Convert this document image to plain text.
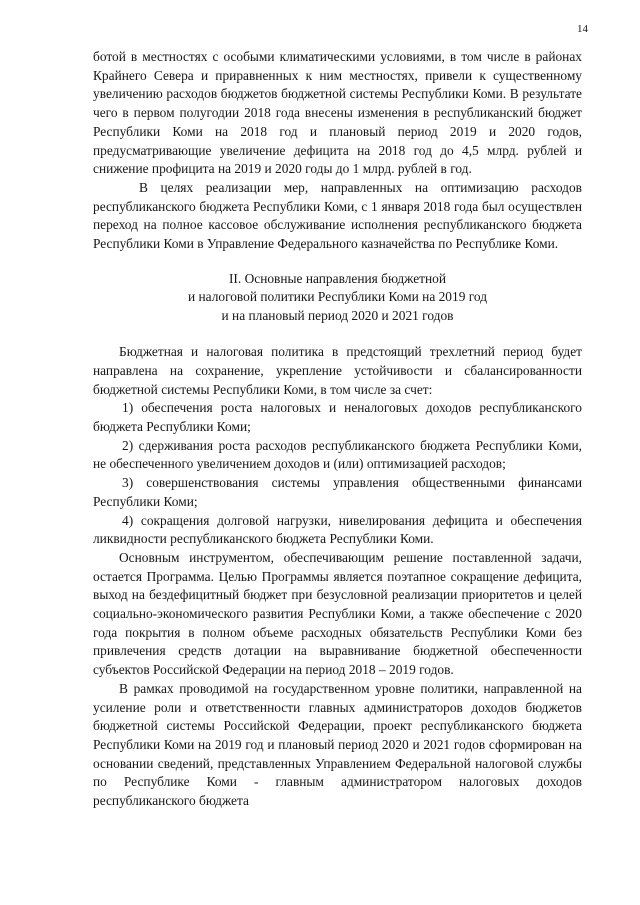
14

ботой в местностях с особыми климатическими условиями, в том числе в районах Крайнего Севера и приравненных к ним местностях, привели к существенному увеличению расходов бюджетов бюджетной системы Республики Коми. В результате чего в первом полугодии 2018 года внесены изменения в республиканский бюджет Республики Коми на 2018 год и плановый период 2019 и 2020 годов, предусматривающие увеличение дефицита на 2018 год до 4,5 млрд. рублей и снижение профицита на 2019 и 2020 годы до 1 млрд. рублей в год.

В целях реализации мер, направленных на оптимизацию расходов республиканского бюджета Республики Коми, с 1 января 2018 года был осуществлен переход на полное кассовое обслуживание исполнения республиканского бюджета Республики Коми в Управление Федерального казначейства по Республике Коми.

II. Основные направления бюджетной
и налоговой политики Республики Коми на 2019 год
и на плановый период 2020 и 2021 годов

Бюджетная и налоговая политика в предстоящий трехлетний период будет направлена на сохранение, укрепление устойчивости и сбалансированности бюджетной системы Республики Коми, в том числе за счет:

1) обеспечения роста налоговых и неналоговых доходов республиканского бюджета Республики Коми;

2) сдерживания роста расходов республиканского бюджета Республики Коми, не обеспеченного увеличением доходов и (или) оптимизацией расходов;

3) совершенствования системы управления общественными финансами Республики Коми;

4) сокращения долговой нагрузки, нивелирования дефицита и обеспечения ликвидности республиканского бюджета Республики Коми.

Основным инструментом, обеспечивающим решение поставленной задачи, остается Программа. Целью Программы является поэтапное сокращение дефицита, выход на бездефицитный бюджет при безусловной реализации приоритетов и целей социально-экономического развития Республики Коми, а также обеспечение с 2020 года покрытия в полном объеме расходных обязательств Республики Коми без привлечения средств дотации на выравнивание бюджетной обеспеченности субъектов Российской Федерации на период 2018 – 2019 годов.

В рамках проводимой на государственном уровне политики, направленной на усиление роли и ответственности главных администраторов доходов бюджетов бюджетной системы Российской Федерации, проект республиканского бюджета Республики Коми на 2019 год и плановый период 2020 и 2021 годов сформирован на основании сведений, представленных Управлением Федеральной налоговой службы по Республике Коми - главным администратором налоговых доходов республиканского бюджета
